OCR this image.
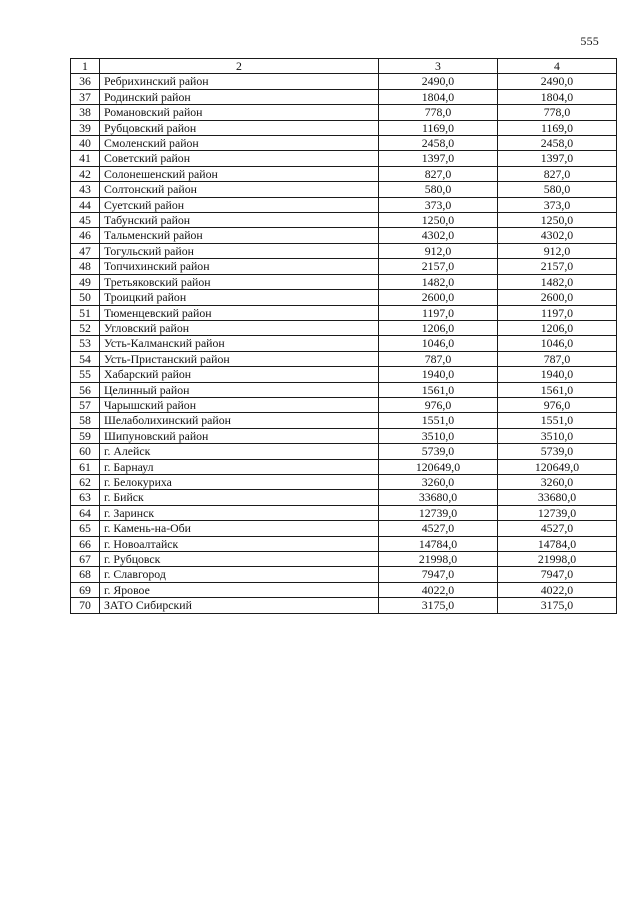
555
1	2	3	4
36	Ребрихинский район	2490,0	2490,0
37	Родинский район	1804,0	1804,0
38	Романовский район	778,0	778,0
39	Рубцовский район	1169,0	1169,0
40	Смоленский район	2458,0	2458,0
41	Советский район	1397,0	1397,0
42	Солонешенский район	827,0	827,0
43	Солтонский район	580,0	580,0
44	Суетский район	373,0	373,0
45	Табунский район	1250,0	1250,0
46	Тальменский район	4302,0	4302,0
47	Тогульский район	912,0	912,0
48	Топчихинский район	2157,0	2157,0
49	Третьяковский район	1482,0	1482,0
50	Троицкий район	2600,0	2600,0
51	Тюменцевский район	1197,0	1197,0
52	Угловский район	1206,0	1206,0
53	Усть-Калманский район	1046,0	1046,0
54	Усть-Пристанский район	787,0	787,0
55	Хабарский район	1940,0	1940,0
56	Целинный район	1561,0	1561,0
57	Чарышский район	976,0	976,0
58	Шелаболихинский район	1551,0	1551,0
59	Шипуновский район	3510,0	3510,0
60	г. Алейск	5739,0	5739,0
61	г. Барнаул	120649,0	120649,0
62	г. Белокуриха	3260,0	3260,0
63	г. Бийск	33680,0	33680,0
64	г. Заринск	12739,0	12739,0
65	г. Камень-на-Оби	4527,0	4527,0
66	г. Новоалтайск	14784,0	14784,0
67	г. Рубцовск	21998,0	21998,0
68	г. Славгород	7947,0	7947,0
69	г. Яровое	4022,0	4022,0
70	ЗАТО Сибирский	3175,0	3175,0
